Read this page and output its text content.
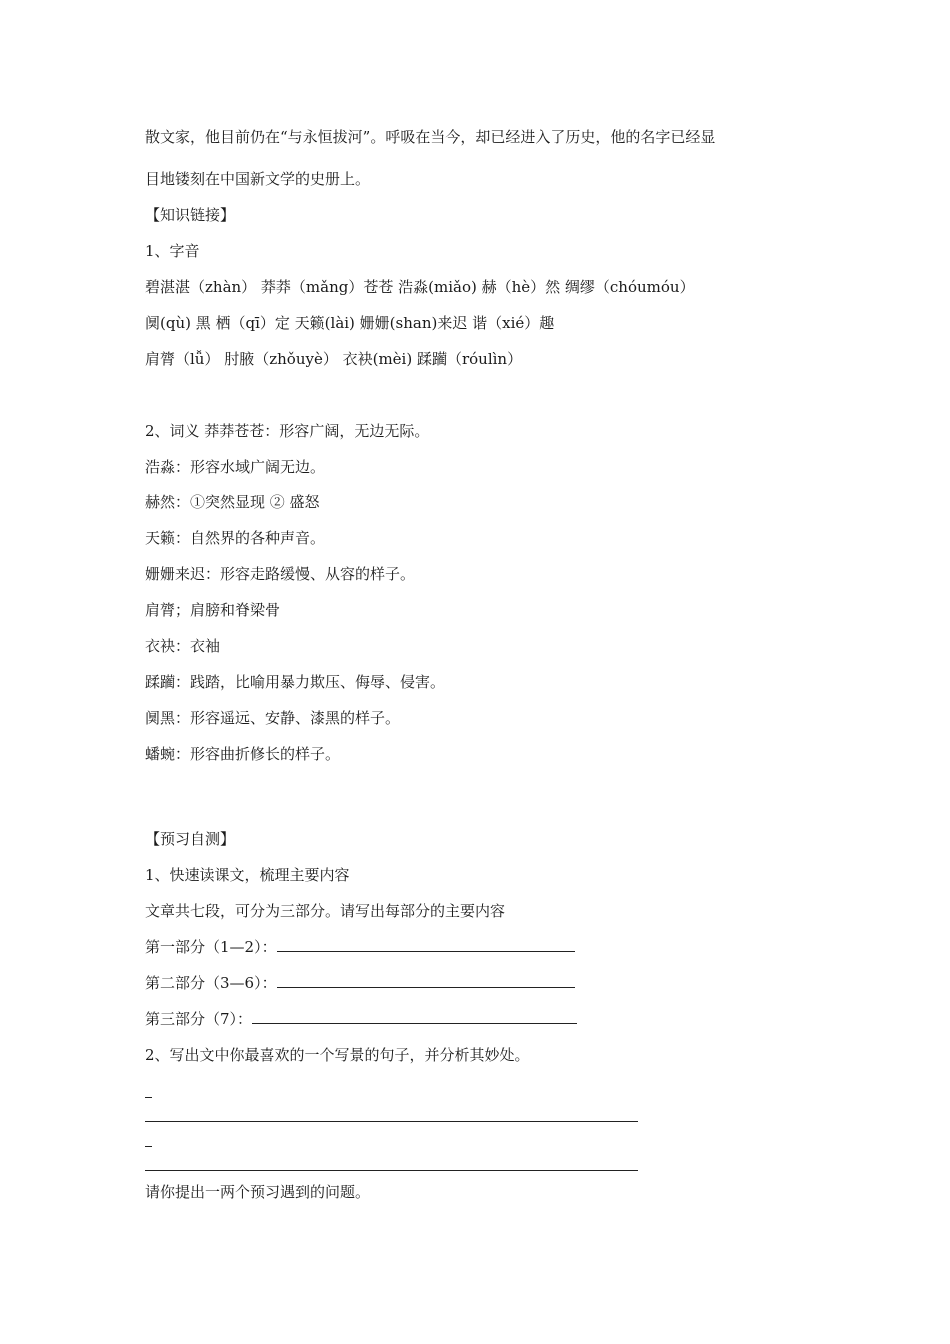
散文家，他目前仍在“与永恒拔河”。呼吸在当今，却已经进入了历史，他的名字已经显
目地镂刻在中国新文学的史册上。
【知识链接】
1、字音
碧湛湛（zhàn） 莽莽（mǎng）苍苍 浩淼(miǎo) 赫（hè）然 绸缪（chóumóu）
阒(qù) 黑 栖（qī）定 天籁(lài) 姗姗(shan)来迟 谐（xié）趣
肩膂（lǚ） 肘腋（zhǒuyè） 衣袂(mèi) 蹂躏（róulìn）
2、词义 莽莽苍苍：形容广阔，无边无际。
浩淼：形容水域广阔无边。
赫然：①突然显现 ② 盛怒
天籁：自然界的各种声音。
姗姗来迟：形容走路缓慢、从容的样子。
肩膂；肩膀和脊梁骨
衣袂：衣袖
蹂躏：践踏，比喻用暴力欺压、侮辱、侵害。
阒黑：形容遥远、安静、漆黑的样子。
蟠蜿：形容曲折修长的样子。
【预习自测】
1、快速读课文，梳理主要内容
文章共七段，可分为三部分。请写出每部分的主要内容
第一部分（1—2）：
第二部分（3—6）：
第三部分（7）：
2、写出文中你最喜欢的一个写景的句子，并分析其妙处。
请你提出一两个预习遇到的问题。
